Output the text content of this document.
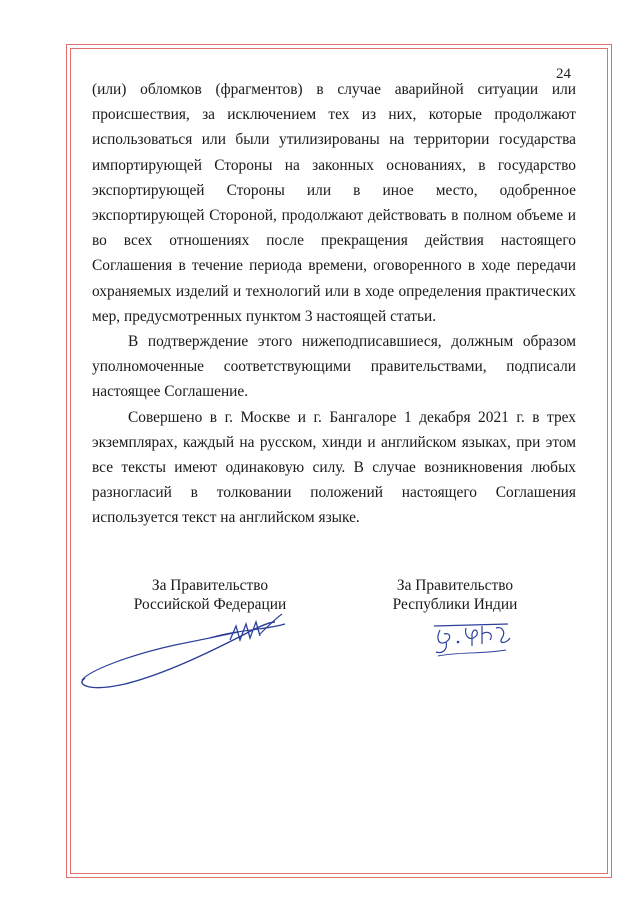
24

(или) обломков (фрагментов) в случае аварийной ситуации или происшествия, за исключением тех из них, которые продолжают использоваться или были утилизированы на территории государства импортирующей Стороны на законных основаниях, в государство экспортирующей Стороны или в иное место, одобренное экспортирующей Стороной, продолжают действовать в полном объеме и во всех отношениях после прекращения действия настоящего Соглашения в течение периода времени, оговоренного в ходе передачи охраняемых изделий и технологий или в ходе определения практических мер, предусмотренных пунктом 3 настоящей статьи.

В подтверждение этого нижеподписавшиеся, должным образом уполномоченные соответствующими правительствами, подписали настоящее Соглашение.

Совершено в г. Москве и г. Бангалоре 1 декабря 2021 г. в трех экземплярах, каждый на русском, хинди и английском языках, при этом все тексты имеют одинаковую силу. В случае возникновения любых разногласий в толковании положений настоящего Соглашения используется текст на английском языке.

За Правительство
Российской Федерации
За Правительство
Республики Индии
